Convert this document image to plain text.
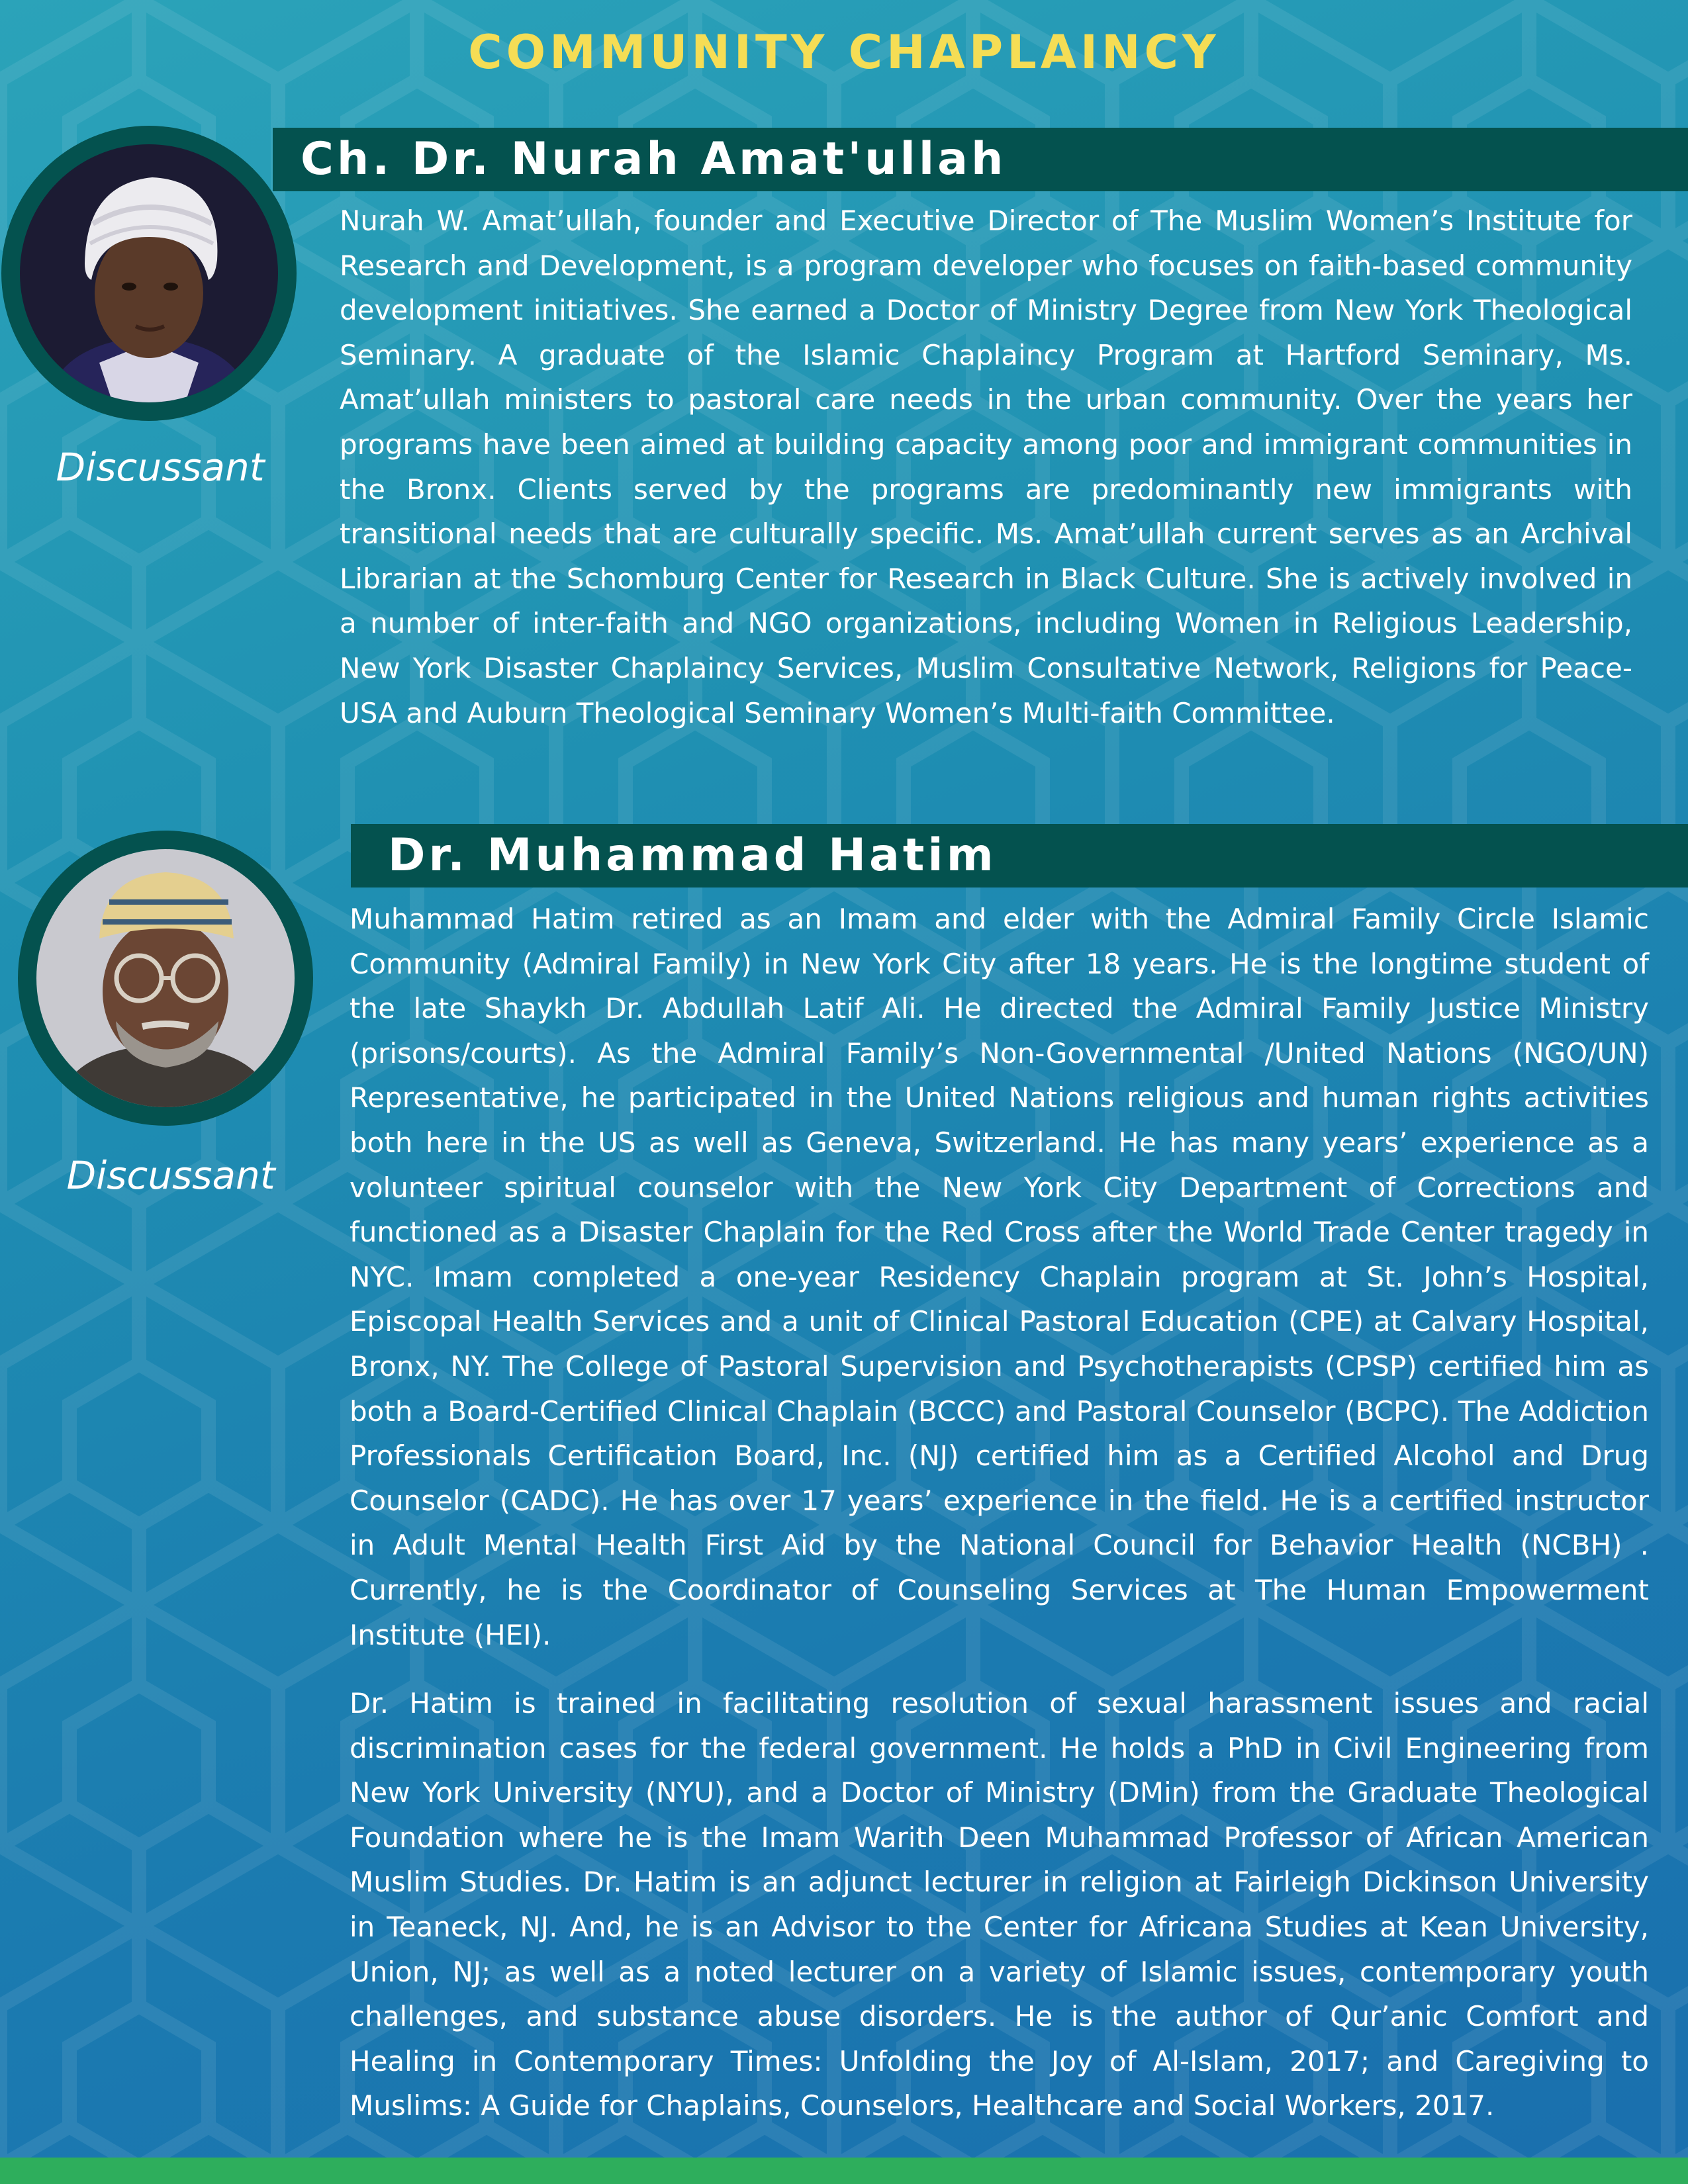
COMMUNITY CHAPLAINCY
Ch. Dr. Nurah Amat'ullah
Discussant

Nurah W. Amat’ullah, founder and Executive Director of The Muslim Women’s Institute for Research and Development, is a program developer who focuses on faith-based community development initiatives. She earned a Doctor of Ministry Degree from New York Theological Seminary. A graduate of the Islamic Chaplaincy Program at Hartford Seminary, Ms. Amat’ullah ministers to pastoral care needs in the urban community. Over the years her programs have been aimed at building capacity among poor and immigrant communities in the Bronx. Clients served by the programs are predominantly new immigrants with transitional needs that are culturally specific. Ms. Amat’ullah current serves as an Archival Librarian at the Schomburg Center for Research in Black Culture. She is actively involved in a number of inter-faith and NGO organizations, including Women in Religious Leadership, New York Disaster Chaplaincy Services, Muslim Consultative Network, Religions for Peace-USA and Auburn Theological Seminary Women’s Multi-faith Committee.

Dr. Muhammad Hatim
Discussant

Muhammad Hatim retired as an Imam and elder with the Admiral Family Circle Islamic Community (Admiral Family) in New York City after 18 years. He is the longtime student of the late Shaykh Dr. Abdullah Latif Ali. He directed the Admiral Family Justice Ministry (prisons/courts). As the Admiral Family’s Non-Governmental /United Nations (NGO/UN) Representative, he participated in the United Nations religious and human rights activities both here in the US as well as Geneva, Switzerland. He has many years’ experience as a volunteer spiritual counselor with the New York City Department of Corrections and functioned as a Disaster Chaplain for the Red Cross after the World Trade Center tragedy in NYC. Imam completed a one-year Residency Chaplain program at St. John’s Hospital, Episcopal Health Services and a unit of Clinical Pastoral Education (CPE) at Calvary Hospital, Bronx, NY. The College of Pastoral Supervision and Psychotherapists (CPSP) certified him as both a Board-Certified Clinical Chaplain (BCCC) and Pastoral Counselor (BCPC). The Addiction Professionals Certification Board, Inc. (NJ) certified him as a Certified Alcohol and Drug Counselor (CADC). He has over 17 years’ experience in the field. He is a certified instructor in Adult Mental Health First Aid by the National Council for Behavior Health (NCBH) . Currently, he is the Coordinator of Counseling Services at The Human Empowerment Institute (HEI).

Dr. Hatim is trained in facilitating resolution of sexual harassment issues and racial discrimination cases for the federal government. He holds a PhD in Civil Engineering from New York University (NYU), and a Doctor of Ministry (DMin) from the Graduate Theological Foundation where he is the Imam Warith Deen Muhammad Professor of African American Muslim Studies. Dr. Hatim is an adjunct lecturer in religion at Fairleigh Dickinson University in Teaneck, NJ. And, he is an Advisor to the Center for Africana Studies at Kean University, Union, NJ; as well as a noted lecturer on a variety of Islamic issues, contemporary youth challenges, and substance abuse disorders. He is the author of Qur’anic Comfort and Healing in Contemporary Times: Unfolding the Joy of Al-Islam, 2017; and Caregiving to Muslims: A Guide for Chaplains, Counselors, Healthcare and Social Workers, 2017.
